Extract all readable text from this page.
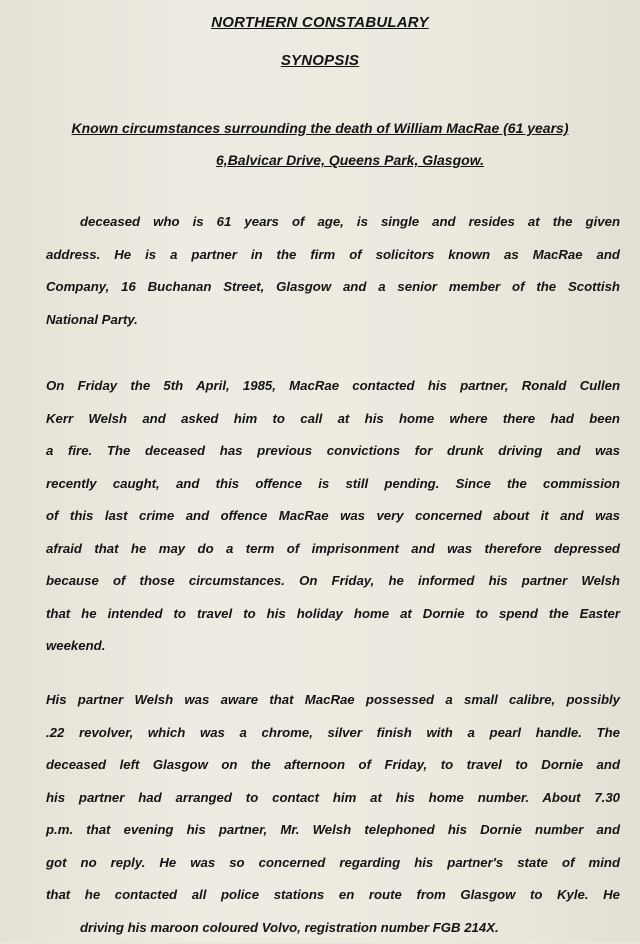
NORTHERN CONSTABULARY
SYNOPSIS
Known circumstances surrounding the death of William MacRae (61 years)
6,Balvicar Drive, Queens Park, Glasgow.
deceased who is 61 years of age, is single and resides at the given
address. He is a partner in the firm of solicitors known as MacRae and
Company, 16 Buchanan Street, Glasgow and a senior member of the Scottish
National Party.
On Friday the 5th April, 1985, MacRae contacted his partner, Ronald Cullen
Kerr Welsh and asked him to call at his home where there had been
a fire. The deceased has previous convictions for drunk driving and was
recently caught, and this offence is still pending. Since the commission
of this last crime and offence MacRae was very concerned about it and was
afraid that he may do a term of imprisonment and was therefore depressed
because of those circumstances. On Friday, he informed his partner Welsh
that he intended to travel to his holiday home at Dornie to spend the Easter
weekend.
His partner Welsh was aware that MacRae possessed a small calibre, possibly
.22 revolver, which was a chrome, silver finish with a pearl handle. The
deceased left Glasgow on the afternoon of Friday, to travel to Dornie and
his partner had arranged to contact him at his home number. About 7.30
p.m. that evening his partner, Mr. Welsh telephoned his Dornie number and
got no reply. He was so concerned regarding his partner's state of mind
that he contacted all police stations en route from Glasgow to Kyle. He
driving his maroon coloured Volvo, registration number FGB 214X.
